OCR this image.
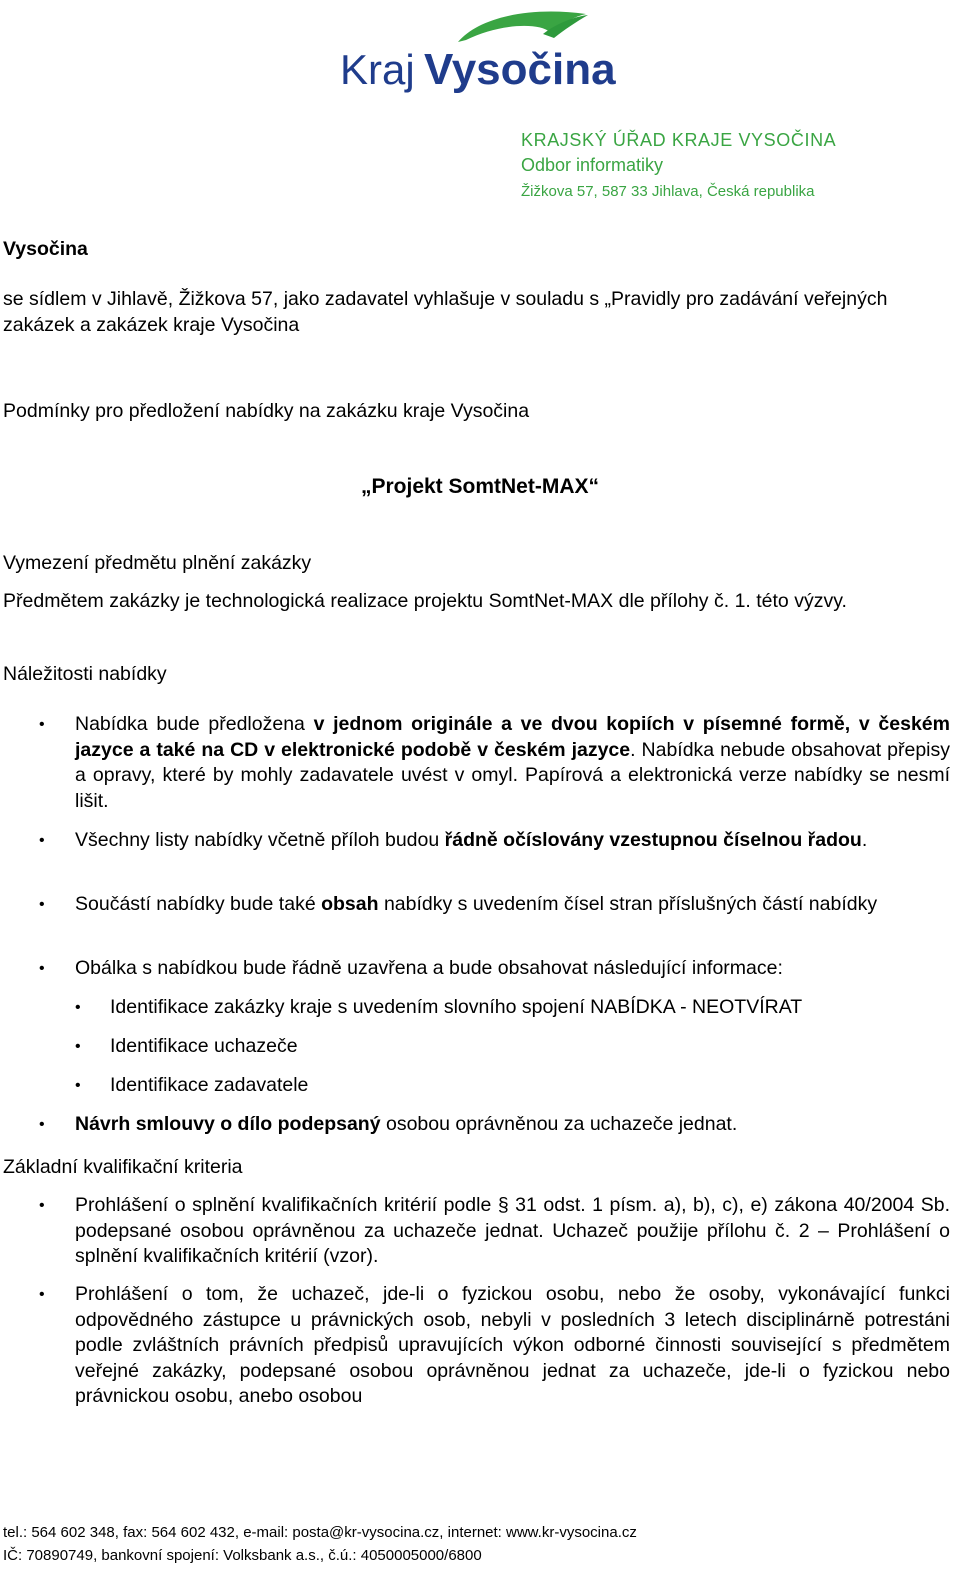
Kraj Vysočina
KRAJSKÝ ÚŘAD KRAJE VYSOČINA
Odbor informatiky
Žižkova 57, 587 33 Jihlava, Česká republika
Vysočina
se sídlem v Jihlavě, Žižkova 57, jako zadavatel vyhlašuje v souladu s „Pravidly pro zadávání veřejných zakázek a zakázek kraje Vysočina
Podmínky pro předložení nabídky na zakázku kraje Vysočina
„Projekt SomtNet-MAX“
Vymezení předmětu plnění zakázky
Předmětem zakázky je technologická realizace projektu SomtNet-MAX dle přílohy č. 1. této výzvy.
Náležitosti nabídky
• Nabídka bude předložena v jednom originále a ve dvou kopiích v písemné formě, v českém jazyce a také na CD v elektronické podobě v českém jazyce. Nabídka nebude obsahovat přepisy a opravy, které by mohly zadavatele uvést v omyl. Papírová a elektronická verze nabídky se nesmí lišit.
• Všechny listy nabídky včetně příloh budou řádně očíslovány vzestupnou číselnou řadou.
• Součástí nabídky bude také obsah nabídky s uvedením čísel stran příslušných částí nabídky
• Obálka s nabídkou bude řádně uzavřena a bude obsahovat následující informace:
• Identifikace zakázky kraje s uvedením slovního spojení NABÍDKA - NEOTVÍRAT
• Identifikace uchazeče
• Identifikace zadavatele
• Návrh smlouvy o dílo podepsaný osobou oprávněnou za uchazeče jednat.
Základní kvalifikační kriteria
• Prohlášení o splnění kvalifikačních kritérií podle § 31 odst. 1 písm. a), b), c), e) zákona 40/2004 Sb. podepsané osobou oprávněnou za uchazeče jednat. Uchazeč použije přílohu č. 2 – Prohlášení o splnění kvalifikačních kritérií (vzor).
• Prohlášení o tom, že uchazeč, jde-li o fyzickou osobu, nebo že osoby, vykonávající funkci odpovědného zástupce u právnických osob, nebyli v posledních 3 letech disciplinárně potrestáni podle zvláštních právních předpisů upravujících výkon odborné činnosti související s předmětem veřejné zakázky, podepsané osobou oprávněnou jednat za uchazeče, jde-li o fyzickou nebo právnickou osobu, anebo osobou
tel.: 564 602 348, fax: 564 602 432, e-mail: posta@kr-vysocina.cz, internet: www.kr-vysocina.cz
IČ: 70890749, bankovní spojení: Volksbank a.s., č.ú.: 4050005000/6800
